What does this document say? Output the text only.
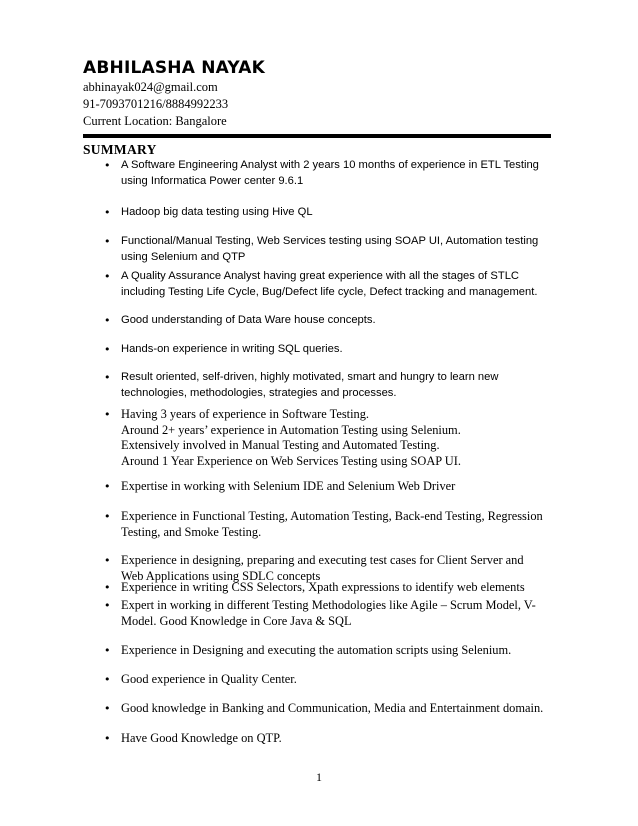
ABHILASHA NAYAK
abhinayak024@gmail.com
91-7093701216/8884992233
Current Location: Bangalore
SUMMARY
• A Software Engineering Analyst with 2 years 10 months of experience in ETL Testing
using Informatica Power center 9.6.1
• Hadoop big data testing using Hive QL
• Functional/Manual Testing, Web Services testing using SOAP UI, Automation testing
using Selenium and QTP
• A Quality Assurance Analyst having great experience with all the stages of STLC
including Testing Life Cycle, Bug/Defect life cycle, Defect tracking and management.
• Good understanding of Data Ware house concepts.
• Hands-on experience in writing SQL queries.
• Result oriented, self-driven, highly motivated, smart and hungry to learn new
technologies, methodologies, strategies and processes.
• Having 3 years of experience in Software Testing.
Around 2+ years’ experience in Automation Testing using Selenium.
Extensively involved in Manual Testing and Automated Testing.
Around 1 Year Experience on Web Services Testing using SOAP UI.
• Expertise in working with Selenium IDE and Selenium Web Driver
• Experience in Functional Testing, Automation Testing, Back-end Testing, Regression
Testing, and Smoke Testing.
• Experience in designing, preparing and executing test cases for Client Server and
Web Applications using SDLC concepts
• Experience in writing CSS Selectors, Xpath expressions to identify web elements
• Expert in working in different Testing Methodologies like Agile – Scrum Model, V-
Model. Good Knowledge in Core Java & SQL
• Experience in Designing and executing the automation scripts using Selenium.
• Good experience in Quality Center.
• Good knowledge in Banking and Communication, Media and Entertainment domain.
• Have Good Knowledge on QTP.
1
